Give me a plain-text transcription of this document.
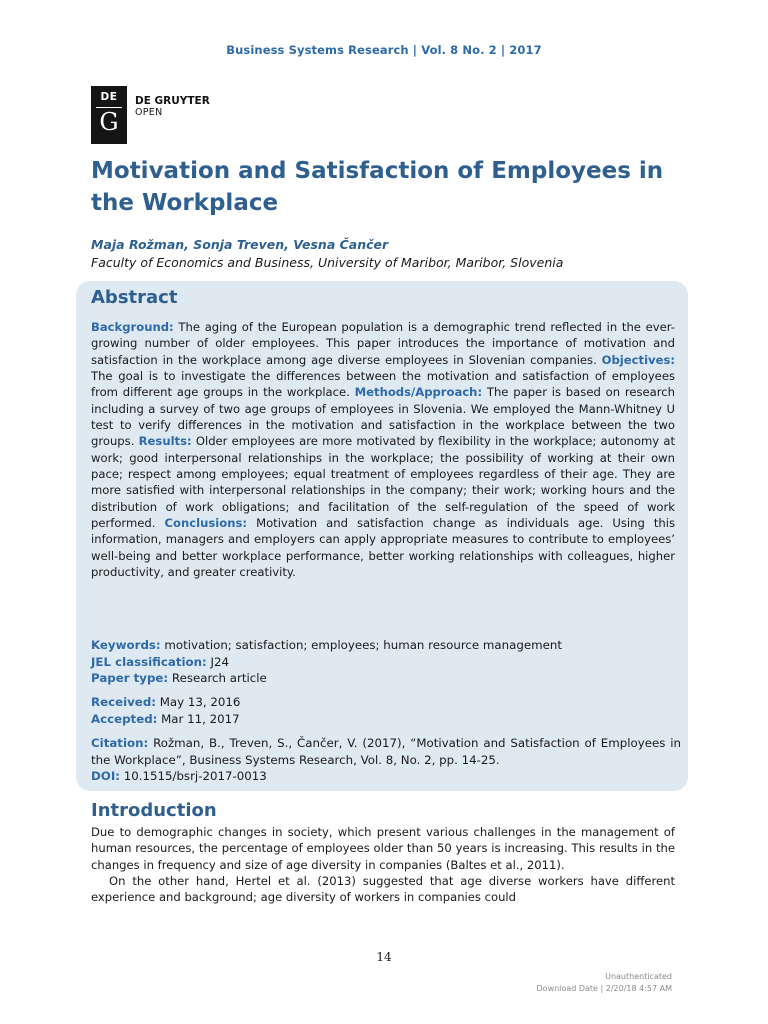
Business Systems Research | Vol. 8 No. 2 | 2017
DE
G
DE GRUYTER
OPEN
Motivation and Satisfaction of Employees in the Workplace
Maja Rožman, Sonja Treven, Vesna Čančer
Faculty of Economics and Business, University of Maribor, Maribor, Slovenia
Abstract
Background: The aging of the European population is a demographic trend reflected in the ever-growing number of older employees. This paper introduces the importance of motivation and satisfaction in the workplace among age diverse employees in Slovenian companies. Objectives: The goal is to investigate the differences between the motivation and satisfaction of employees from different age groups in the workplace. Methods/Approach: The paper is based on research including a survey of two age groups of employees in Slovenia. We employed the Mann-Whitney U test to verify differences in the motivation and satisfaction in the workplace between the two groups. Results: Older employees are more motivated by flexibility in the workplace; autonomy at work; good interpersonal relationships in the workplace; the possibility of working at their own pace; respect among employees; equal treatment of employees regardless of their age. They are more satisfied with interpersonal relationships in the company; their work; working hours and the distribution of work obligations; and facilitation of the self-regulation of the speed of work performed. Conclusions: Motivation and satisfaction change as individuals age. Using this information, managers and employers can apply appropriate measures to contribute to employees’ well-being and better workplace performance, better working relationships with colleagues, higher productivity, and greater creativity.
Keywords: motivation; satisfaction; employees; human resource management
JEL classification: J24
Paper type: Research article
Received: May 13, 2016
Accepted: Mar 11, 2017
Citation: Rožman, B., Treven, S., Čančer, V. (2017), “Motivation and Satisfaction of Employees in the Workplace”, Business Systems Research, Vol. 8, No. 2, pp. 14-25.
DOI: 10.1515/bsrj-2017-0013
Introduction

Due to demographic changes in society, which present various challenges in the management of human resources, the percentage of employees older than 50 years is increasing. This results in the changes in frequency and size of age diversity in companies (Baltes et al., 2011).

On the other hand, Hertel et al. (2013) suggested that age diverse workers have different experience and background; age diversity of workers in companies could

14
Unauthenticated
Download Date | 2/20/18 4:57 AM
